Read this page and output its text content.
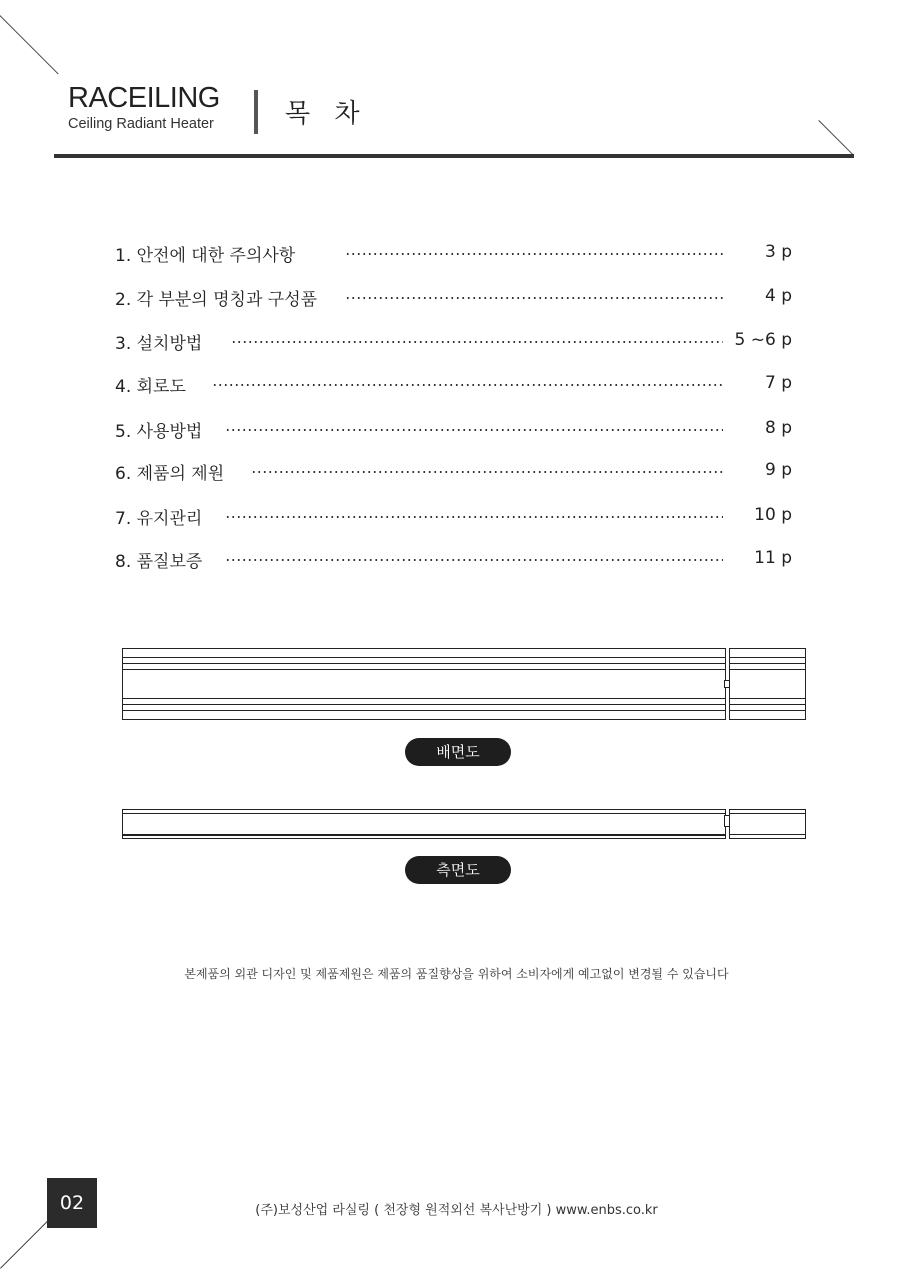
RACEILING
Ceiling Radiant Heater	목 차
1. 안전에 대한 주의사항	3 p
2. 각 부분의 명칭과 구성품	4 p
3. 설치방법	5 ~6 p
4. 회로도	7 p
5. 사용방법	8 p
6. 제품의 제원	9 p
7. 유지관리	10 p
8. 품질보증	11 p
배면도
측면도
본제품의 외관 디자인 및 제품제원은 제품의 품질향상을 위하여 소비자에게 예고없이 변경될 수 있습니다
02	(주)보성산업 라실링 ( 천장형 원적외선 복사난방기 ) www.enbs.co.kr
